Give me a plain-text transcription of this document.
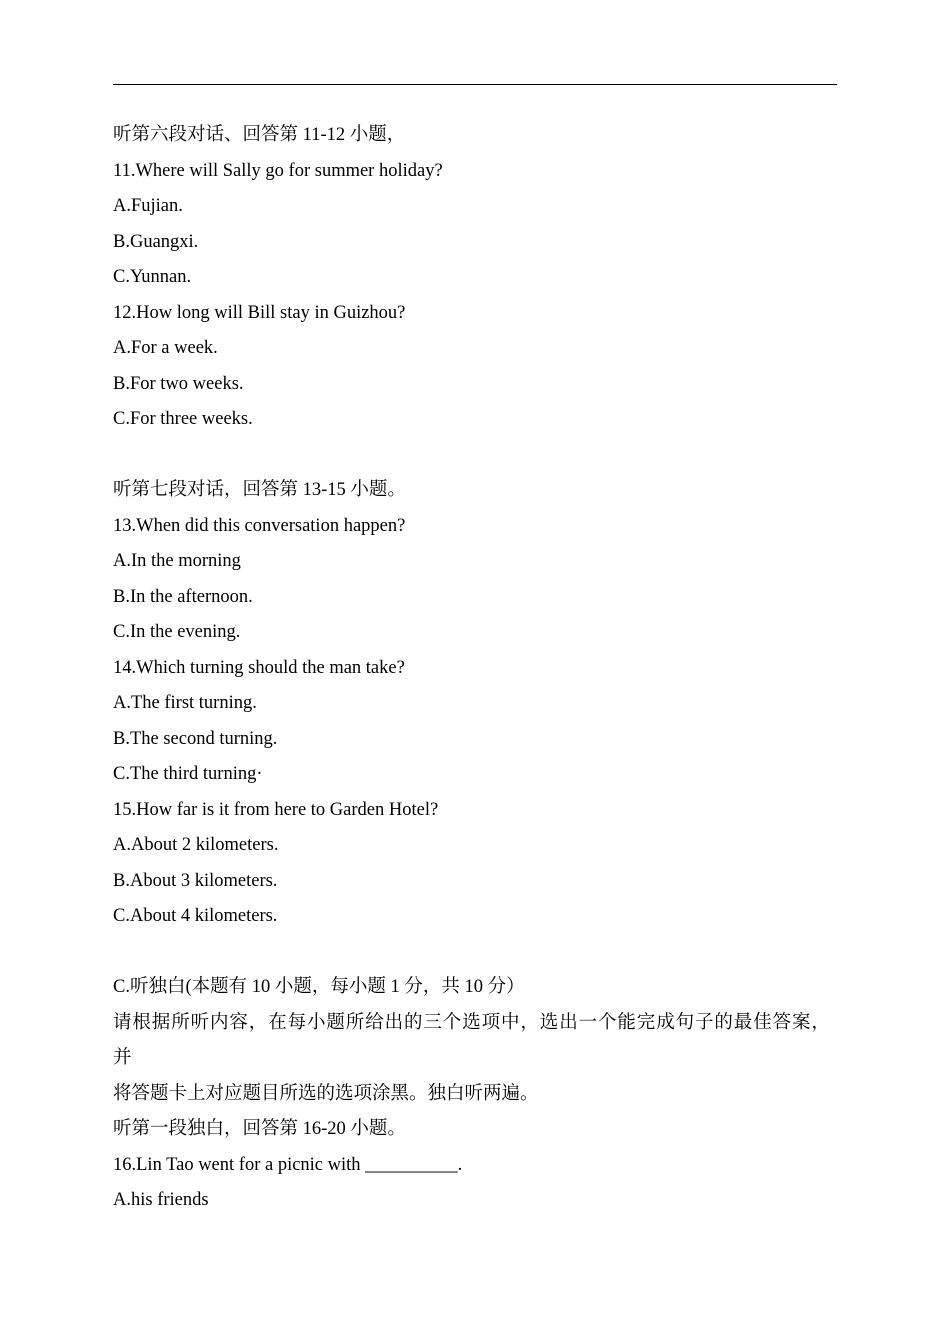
听第六段对话、回答第 11-12 小题，
11.Where will Sally go for summer holiday?
A.Fujian.
B.Guangxi.
C.Yunnan.
12.How long will Bill stay in Guizhou?
A.For a week.
B.For two weeks.
C.For three weeks.
听第七段对话，回答第 13-15 小题。
13.When did this conversation happen?
A.In the morning
B.In the afternoon.
C.In the evening.
14.Which turning should the man take?
A.The first turning.
B.The second turning.
C.The third turning·
15.How far is it from here to Garden Hotel?
A.About 2 kilometers.
B.About 3 kilometers.
C.About 4 kilometers.
C.听独白(本题有 10 小题，每小题 1 分，共 10 分）
请根据所听内容，在每小题所给出的三个选项中，选出一个能完成句子的最佳答案，并
将答题卡上对应题目所选的选项涂黑。独白听两遍。
听第一段独白，回答第 16-20 小题。
16.Lin Tao went for a picnic with __________.
A.his friends
